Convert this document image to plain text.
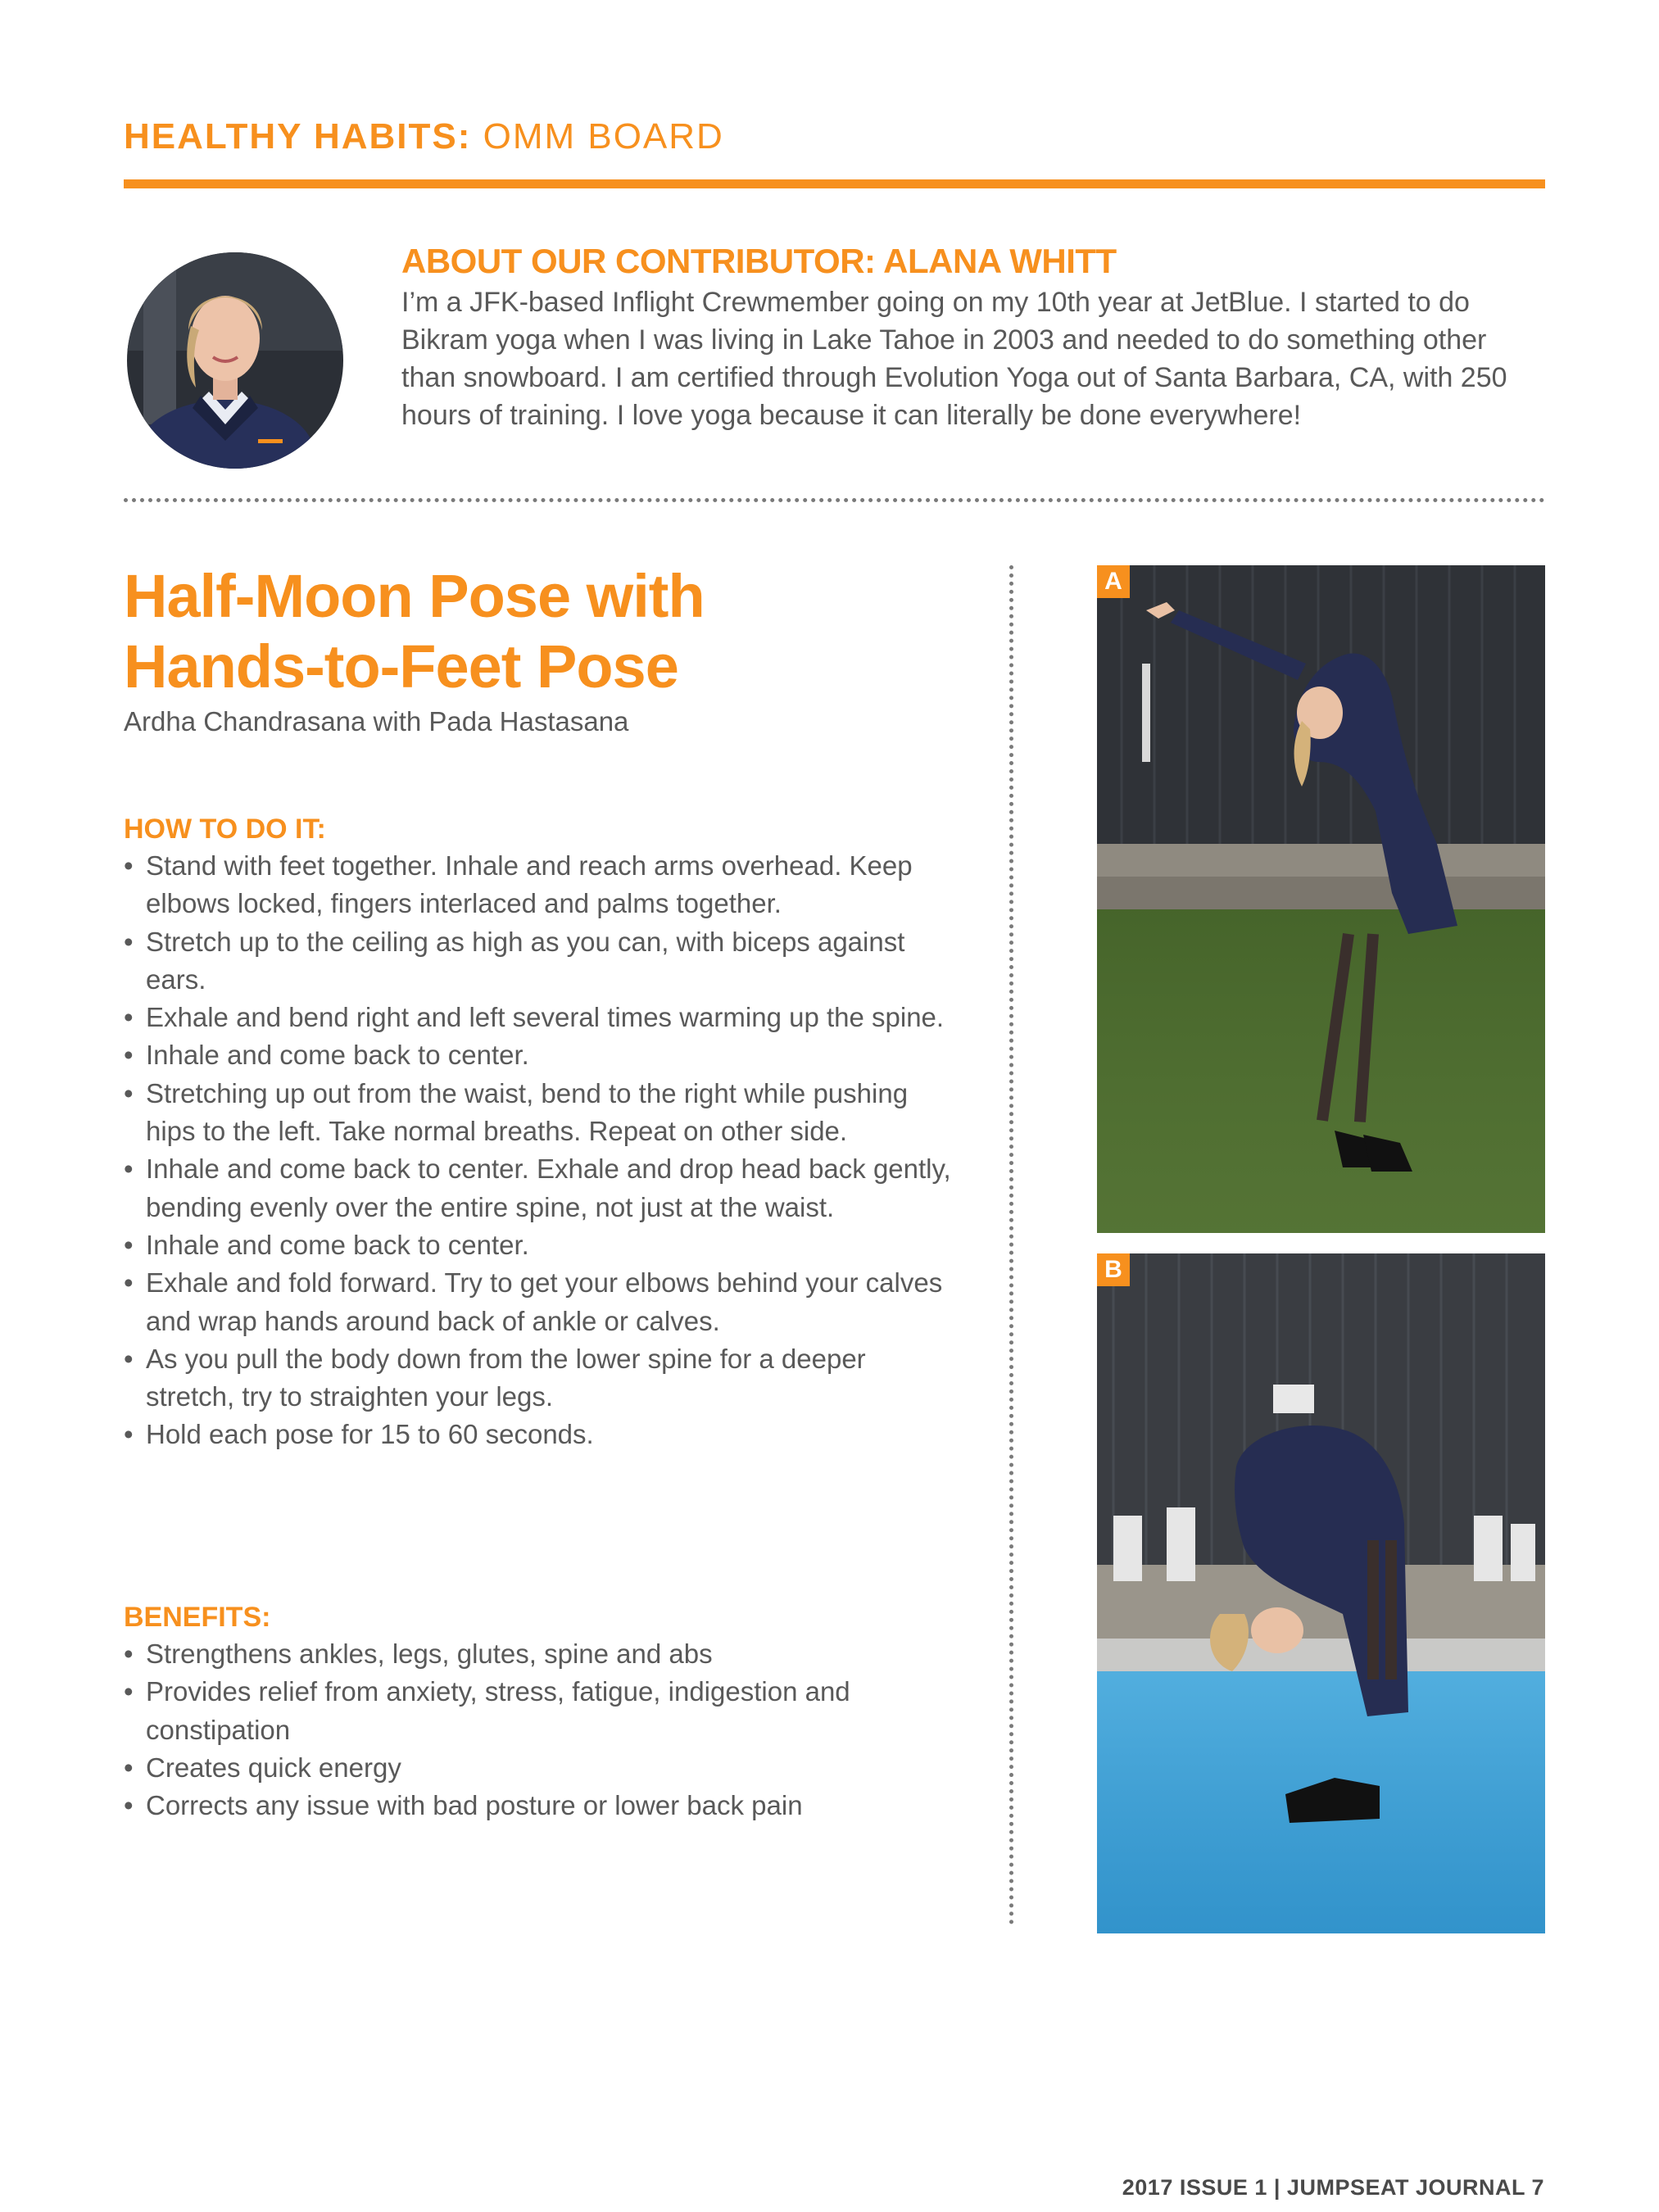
HEALTHY HABITS: OMM BOARD
ABOUT OUR CONTRIBUTOR: ALANA WHITT
I’m a JFK-based Inflight Crewmember going on my 10th year at JetBlue. I started to do Bikram yoga when I was living in Lake Tahoe in 2003 and needed to do something other than snowboard. I am certified through Evolution Yoga out of Santa Barbara, CA, with 250 hours of training. I love yoga because it can literally be done everywhere!
Half-Moon Pose with
Hands-to-Feet Pose
Ardha Chandrasana with Pada Hastasana
HOW TO DO IT:
• Stand with feet together. Inhale and reach arms overhead. Keep elbows locked, fingers interlaced and palms together.
• Stretch up to the ceiling as high as you can, with biceps against ears.
• Exhale and bend right and left several times warming up the spine.
• Inhale and come back to center.
• Stretching up out from the waist, bend to the right while pushing hips to the left. Take normal breaths. Repeat on other side.
• Inhale and come back to center. Exhale and drop head back gently, bending evenly over the entire spine, not just at the waist.
• Inhale and come back to center.
• Exhale and fold forward. Try to get your elbows behind your calves and wrap hands around back of ankle or calves.
• As you pull the body down from the lower spine for a deeper stretch, try to straighten your legs.
• Hold each pose for 15 to 60 seconds.
BENEFITS:
• Strengthens ankles, legs, glutes, spine and abs
• Provides relief from anxiety, stress, fatigue, indigestion and constipation
• Creates quick energy
• Corrects any issue with bad posture or lower back pain
A
B
2017 ISSUE 1 | JUMPSEAT JOURNAL 7
